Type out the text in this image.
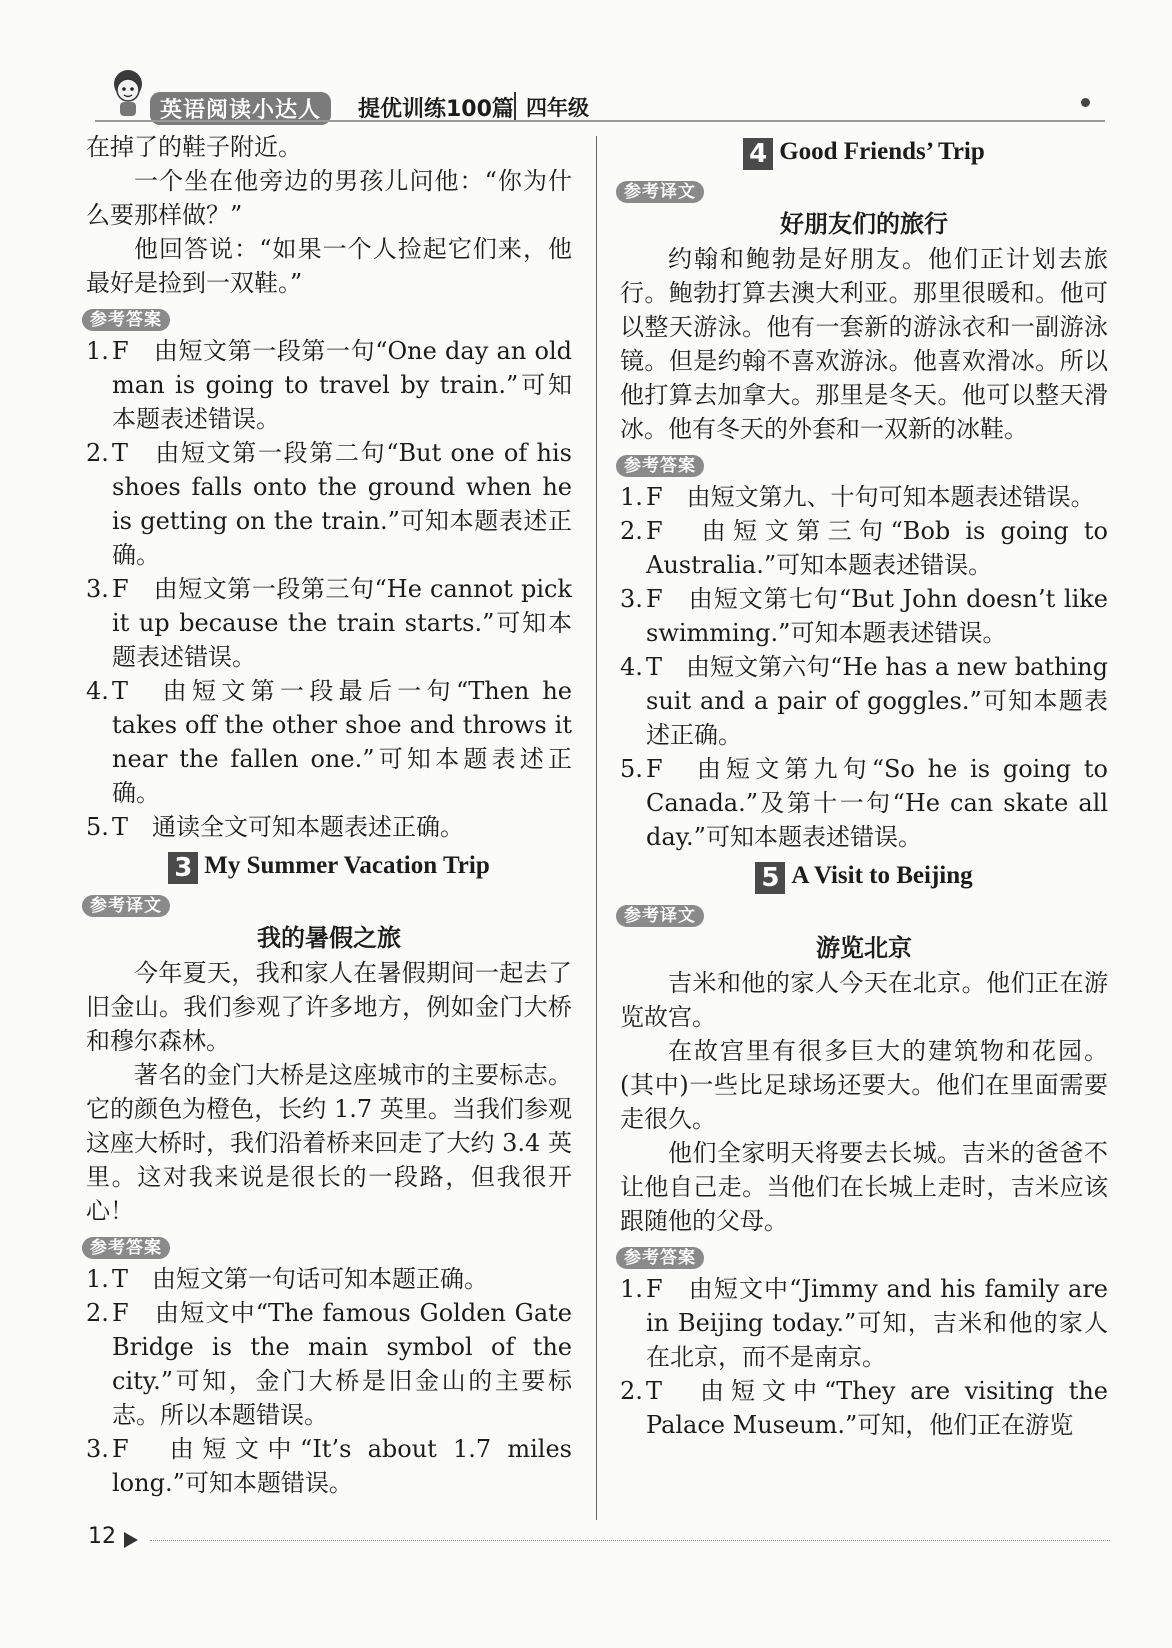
英语阅读小达人	提优训练100篇 四年级

在掉了的鞋子附近。

一个坐在他旁边的男孩儿问他：“你为什么要那样做？”

他回答说：“如果一个人捡起它们来，他最好是捡到一双鞋。”

参考答案

1. F　由短文第一段第一句“One day an old man is going to travel by train.”可知本题表述错误。

2. T　由短文第一段第二句“But one of his shoes falls onto the ground when he is getting on the train.”可知本题表述正确。

3. F　由短文第一段第三句“He cannot pick it up because the train starts.”可知本题表述错误。

4. T　由短文第一段最后一句“Then he takes off the other shoe and throws it near the fallen one.”可知本题表述正确。

5. T　通读全文可知本题表述正确。

3 My Summer Vacation Trip
参考译文

我的暑假之旅

今年夏天，我和家人在暑假期间一起去了旧金山。我们参观了许多地方，例如金门大桥和穆尔森林。

著名的金门大桥是这座城市的主要标志。它的颜色为橙色，长约 1.7 英里。当我们参观这座大桥时，我们沿着桥来回走了大约 3.4 英里。这对我来说是很长的一段路，但我很开心！

参考答案

1. T　由短文第一句话可知本题正确。

2. F　由短文中“The famous Golden Gate Bridge is the main symbol of the city.”可知，金门大桥是旧金山的主要标志。所以本题错误。

3. F　由短文中“It’s about 1.7 miles long.”可知本题错误。

4 Good Friends’ Trip
参考译文

好朋友们的旅行

约翰和鲍勃是好朋友。他们正计划去旅行。鲍勃打算去澳大利亚。那里很暖和。他可以整天游泳。他有一套新的游泳衣和一副游泳镜。但是约翰不喜欢游泳。他喜欢滑冰。所以他打算去加拿大。那里是冬天。他可以整天滑冰。他有冬天的外套和一双新的冰鞋。

参考答案

1. F　由短文第九、十句可知本题表述错误。

2. F　由短文第三句“Bob is going to Australia.”可知本题表述错误。

3. F　由短文第七句“But John doesn’t like swimming.”可知本题表述错误。

4. T　由短文第六句“He has a new bathing suit and a pair of goggles.”可知本题表述正确。

5. F　由短文第九句“So he is going to Canada.”及第十一句“He can skate all day.”可知本题表述错误。

5 A Visit to Beijing
参考译文

游览北京

吉米和他的家人今天在北京。他们正在游览故宫。

在故宫里有很多巨大的建筑物和花园。(其中)一些比足球场还要大。他们在里面需要走很久。

他们全家明天将要去长城。吉米的爸爸不让他自己走。当他们在长城上走时，吉米应该跟随他的父母。

参考答案

1. F　由短文中“Jimmy and his family are in Beijing today.”可知，吉米和他的家人在北京，而不是南京。

2. T　由短文中“They are visiting the Palace Museum.”可知，他们正在游览

12
